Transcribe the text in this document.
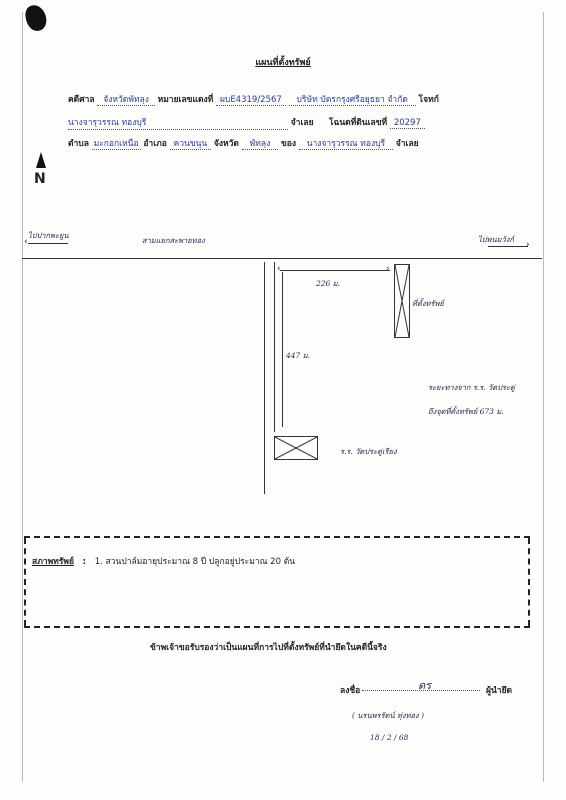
แผนที่ตั้งทรัพย์
คดีศาล จังหวัดพัทลุง หมายเลขแดงที่ ผบE4319/2567 บริษัท บัตรกรุงศรีอยุธยา จำกัด โจทก์
นางจารุวรรณ ทองบุรี	จำเลย โฉนดที่ดินเลขที่ 20297
ตำบล มะกอกเหนือ อำเภอ ควนขนุน จังหวัด พัทลุง ของ นางจารุวรรณ ทองบุรี จำเลย
N
ไปปากพะยูน
‹	สามแยกสะพายทอง	ไปพนมวังก์
›
‹	›
226 ม.
447 ม.
ที่ตั้งทรัพย์
ระยะทางจาก ร.ร. วัดประดู่
ถึงจุดที่ตั้งทรัพย์ 673 ม.
ร.ร. วัดประดู่เรียง
สภาพทรัพย์ : 1. สวนปาล์มอายุประมาณ 8 ปี ปลูกอยู่ประมาณ 20 ต้น
ข้าพเจ้าขอรับรองว่าเป็นแผนที่การไปที่ตั้งทรัพย์ที่นำยึดในคดีนี้จริง
ลงชื่อ	ดร	ผู้นำยึด
( นรนพรรัตน์ ทุ่งทอง )
18 / 2 / 68
